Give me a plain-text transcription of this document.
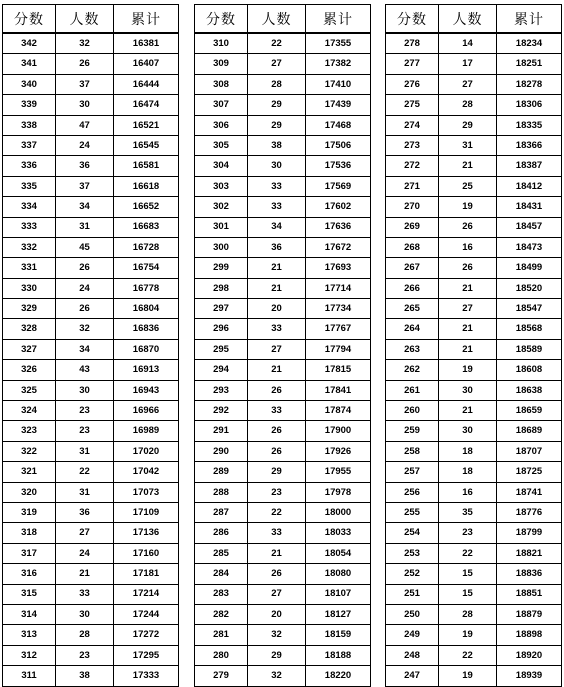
分数	人数	累计
342	32	16381
341	26	16407
340	37	16444
339	30	16474
338	47	16521
337	24	16545
336	36	16581
335	37	16618
334	34	16652
333	31	16683
332	45	16728
331	26	16754
330	24	16778
329	26	16804
328	32	16836
327	34	16870
326	43	16913
325	30	16943
324	23	16966
323	23	16989
322	31	17020
321	22	17042
320	31	17073
319	36	17109
318	27	17136
317	24	17160
316	21	17181
315	33	17214
314	30	17244
313	28	17272
312	23	17295
311	38	17333
分数	人数	累计
310	22	17355
309	27	17382
308	28	17410
307	29	17439
306	29	17468
305	38	17506
304	30	17536
303	33	17569
302	33	17602
301	34	17636
300	36	17672
299	21	17693
298	21	17714
297	20	17734
296	33	17767
295	27	17794
294	21	17815
293	26	17841
292	33	17874
291	26	17900
290	26	17926
289	29	17955
288	23	17978
287	22	18000
286	33	18033
285	21	18054
284	26	18080
283	27	18107
282	20	18127
281	32	18159
280	29	18188
279	32	18220
分数	人数	累计
278	14	18234
277	17	18251
276	27	18278
275	28	18306
274	29	18335
273	31	18366
272	21	18387
271	25	18412
270	19	18431
269	26	18457
268	16	18473
267	26	18499
266	21	18520
265	27	18547
264	21	18568
263	21	18589
262	19	18608
261	30	18638
260	21	18659
259	30	18689
258	18	18707
257	18	18725
256	16	18741
255	35	18776
254	23	18799
253	22	18821
252	15	18836
251	15	18851
250	28	18879
249	19	18898
248	22	18920
247	19	18939
